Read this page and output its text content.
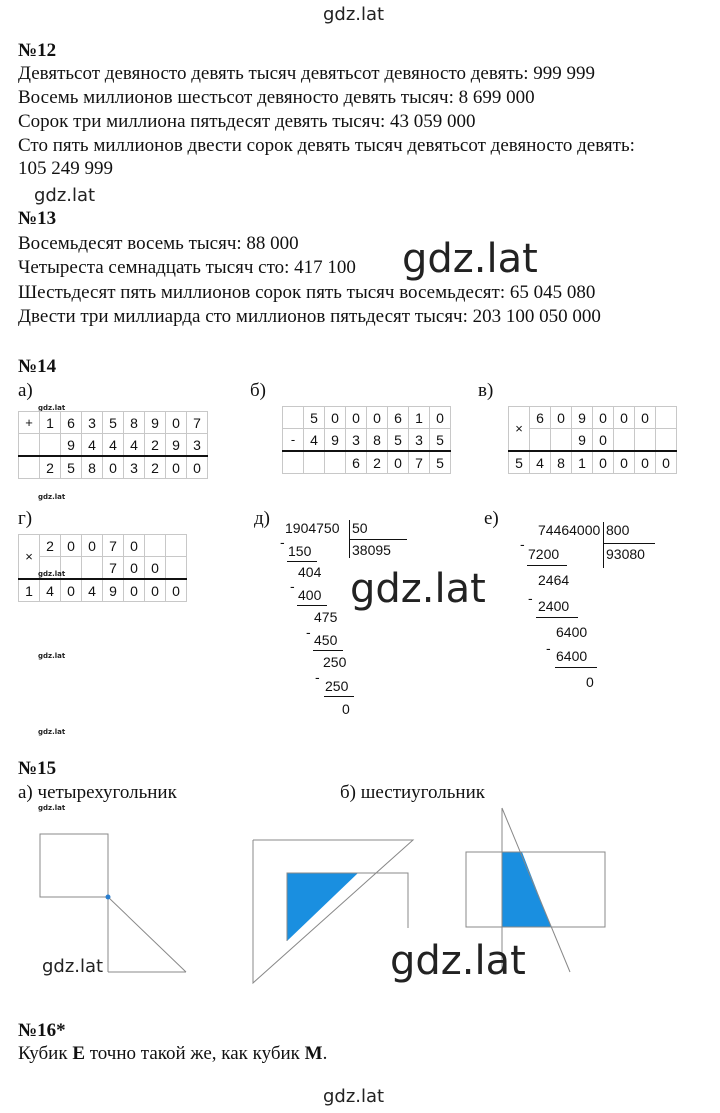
gdz.lat
gdz.lat
№12
Девятьсот девяносто девять тысяч девятьсот девяносто девять: 999 999
Восемь миллионов шестьсот девяносто девять тысяч: 8 699 000
Сорок три миллиона пятьдесят девять тысяч: 43 059 000
Сто пять миллионов двести сорок девять тысяч девятьсот девяносто девять:
105 249 999
gdz.lat
№13
Восемьдесят восемь тысяч: 88 000
Четыреста семнадцать тысяч сто: 417 100
Шестьдесят пять миллионов сорок пять тысяч восемьдесят: 65 045 080
Двести три миллиарда сто миллионов пятьдесят тысяч: 203 100 050 000
gdz.lat
№14
а)	б)	в)
gdz.lat
+	1	6	3	5	8	9	0	7
		9	4	4	4	2	9	3
	2	5	8	0	3	2	0	0
	5	0	0	0	6	1	0
-	4	9	3	8	5	3	5
			6	2	0	7	5
×	6	0	9	0	0	0	
			9	0			
5	4	8	1	0	0	0	0
gdz.lat
г)	д)	е)
×	2	0	0	7	0		
				7	0	0	
1	4	0	4	9	0	0	0
gdz.lat
1904750 50
38095
-
150
404
-
400
475
- 450
250
-
250
0
74464000 800
93080
-
7200
2464
- 2400
6400
- 6400
0
gdz.lat
gdz.lat
gdz.lat
№15
а) четырехугольник	б) шестиугольник
gdz.lat
gdz.lat	gdz.lat
№16*
Кубик Е точно такой же, как кубик М.
